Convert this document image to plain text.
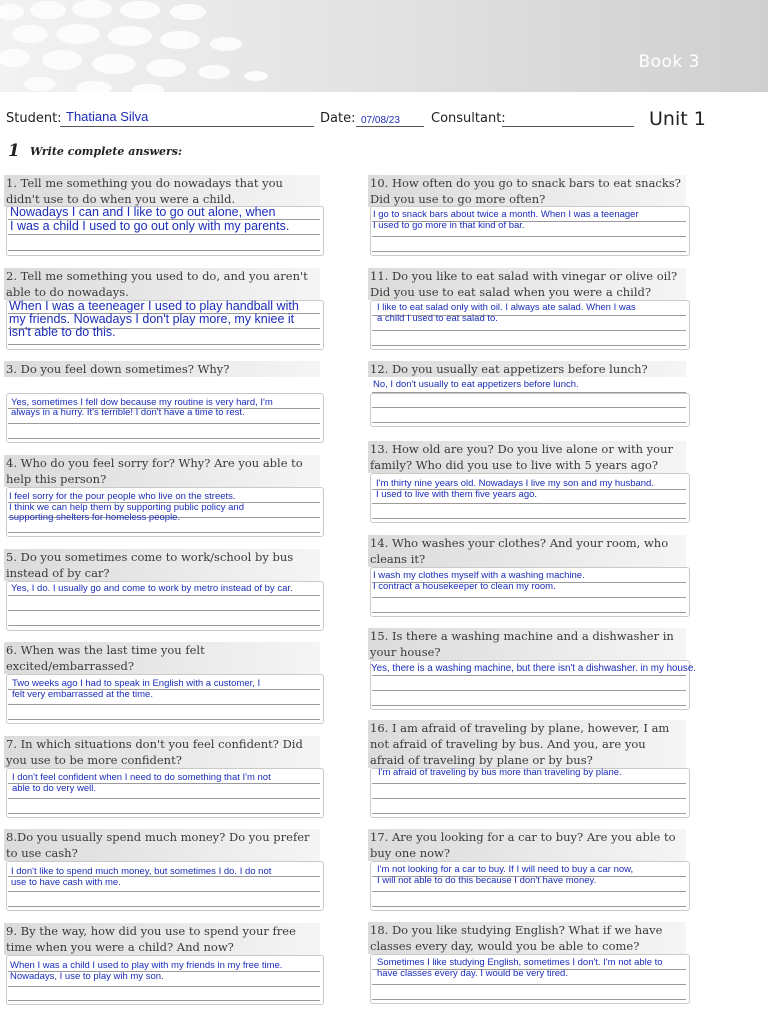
Book 3
Student: Thatiana Silva	Date: 07/08/23 Consultant:	Unit 1
1 Write complete answers:
1. Tell me something you do nowadays that you didn't use to do when you were a child.
Nowadays I can and I like to go out alone, when
I was a child I used to go out only with my parents.
2. Tell me something you used to do, and you aren't able to do nowadays.
When I was a teeneager I used to play handball with
my friends. Nowadays I don't play more, my kniee it
isn't able to do this.
3. Do you feel down sometimes? Why?
Yes, sometimes I fell dow because my routine is very hard, I'm
always in a hurry. It's terrible! I don't have a time to rest.
4. Who do you feel sorry for? Why? Are you able to help this person?
I feel sorry for the pour people who live on the streets.
I think we can help them by supporting public policy and
supporting shelters for homeless people.
5. Do you sometimes come to work/school by bus instead of by car?
Yes, I do. I usually go and come to work by metro instead of by car.
6. When was the last time you felt excited/embarrassed?
Two weeks ago I had to speak in English with a customer, I
felt very embarrassed at the time.
7. In which situations don't you feel confident? Did you use to be more confident?
I don't feel confident when I need to do something that I'm not
able to do very well.
8.Do you usually spend much money? Do you prefer to use cash?
I don't like to spend much money, but sometimes I do. I do not
use to have cash with me.
9. By the way, how did you use to spend your free time when you were a child? And now?
When I was a child I used to play with my friends in my free time.
Nowadays, I use to play wih my son.
10. How often do you go to snack bars to eat snacks? Did you use to go more often?
I go to snack bars about twice a month. When I was a teenager
I used to go more in that kind of bar.
11. Do you like to eat salad with vinegar or olive oil? Did you use to eat salad when you were a child?
I like to eat salad only with oil. I always ate salad. When I was
a child I used to eat salad to.
12. Do you usually eat appetizers before lunch?
No, I don't usually to eat appetizers before lunch.
13. How old are you? Do you live alone or with your family? Who did you use to live with 5 years ago?
I'm thirty nine years old. Nowadays I live my son and my husband.
I used to live with them five years ago.
14. Who washes your clothes? And your room, who cleans it?
I wash my clothes myself with a washing machine.
I contract a housekeeper to clean my room.
15. Is there a washing machine and a dishwasher in your house?
Yes, there is a washing machine, but there isn't a dishwasher. in my house.
16. I am afraid of traveling by plane, however, I am not afraid of traveling by bus. And you, are you afraid of traveling by plane or by bus?
I'm afraid of traveling by bus more than traveling by plane.
17. Are you looking for a car to buy? Are you able to buy one now?
I'm not looking for a car to buy. If I will need to buy a car now,
I will not able to do this because I don't have money.
18. Do you like studying English? What if we have classes every day, would you be able to come?
Sometimes I like studying English, sometimes I don't. I'm not able to
have classes every day. I would be very tired.
